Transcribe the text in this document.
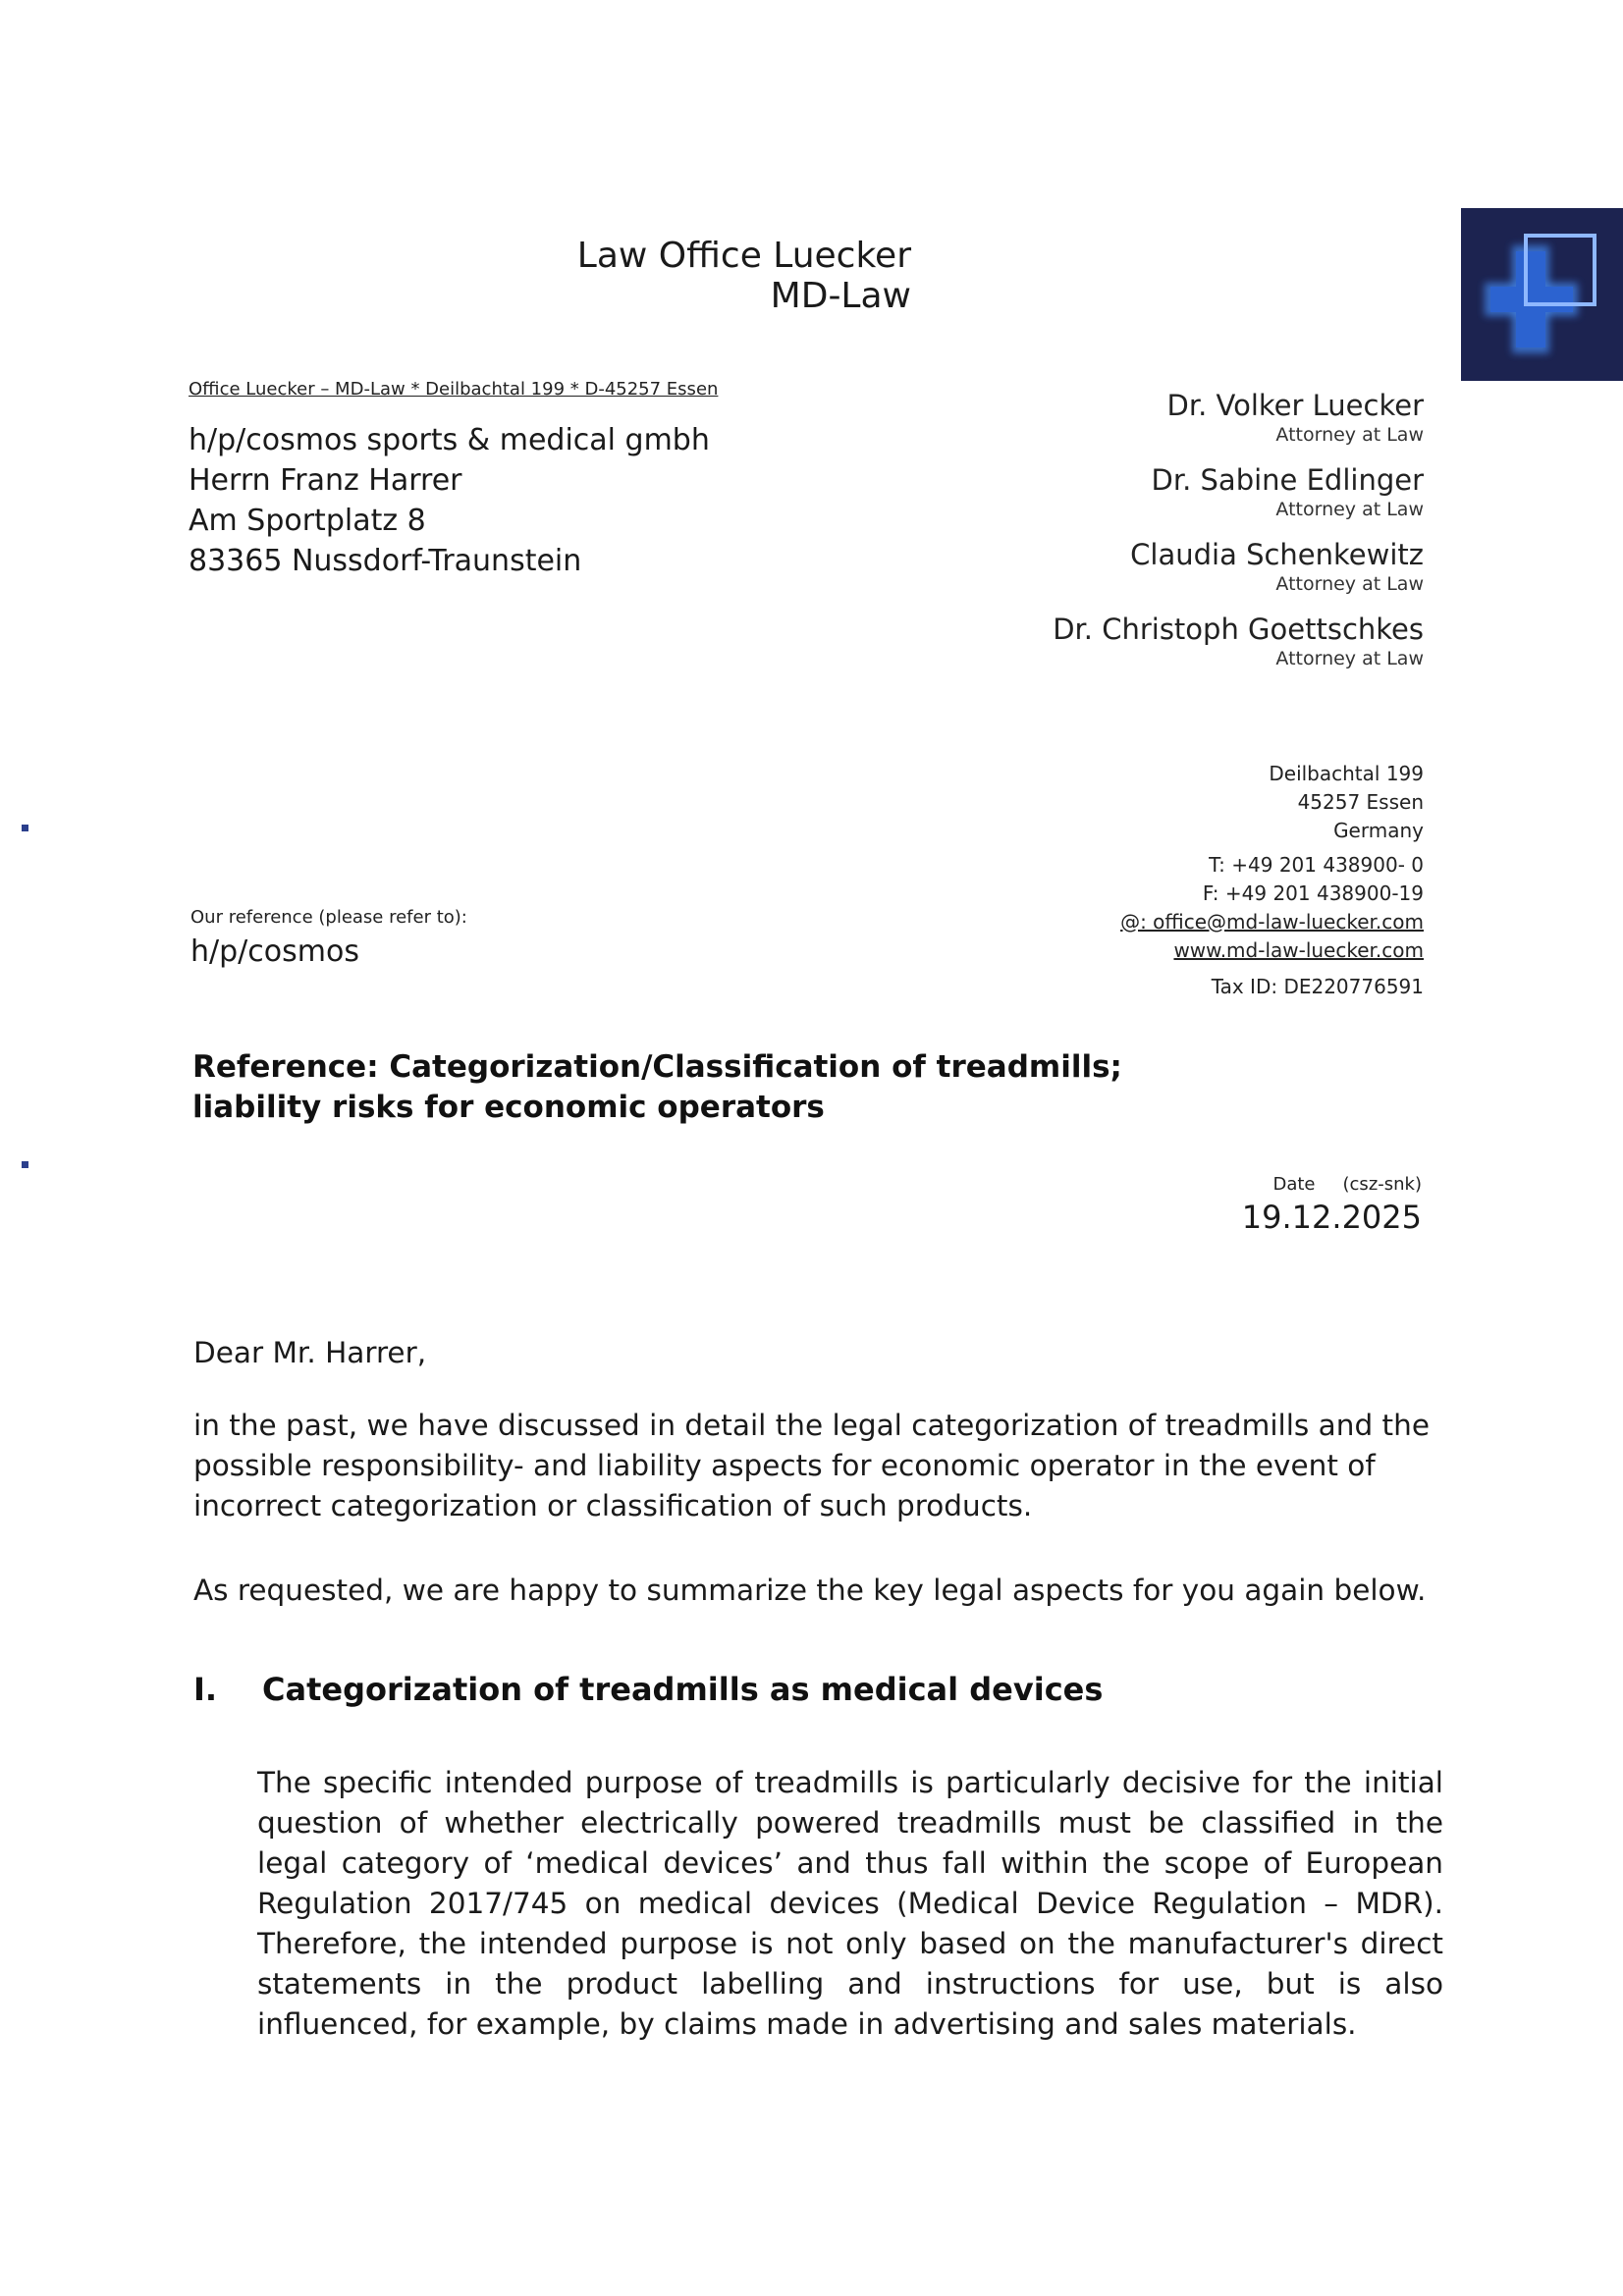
Law Office Luecker
MD-Law
Office Luecker – MD-Law * Deilbachtal 199 * D-45257 Essen
h/p/cosmos sports & medical gmbh
Herrn Franz Harrer
Am Sportplatz 8
83365 Nussdorf-Traunstein
Dr. Volker Luecker
Attorney at Law
Dr. Sabine Edlinger
Attorney at Law
Claudia Schenkewitz
Attorney at Law
Dr. Christoph Goettschkes
Attorney at Law
Deilbachtal 199
45257 Essen
Germany
T: +49 201 438900- 0
F: +49 201 438900-19
@: office@md-law-luecker.com
www.md-law-luecker.com
Tax ID: DE220776591
Our reference (please refer to):
h/p/cosmos
Reference: Categorization/Classification of treadmills;
liability risks for economic operators
Date (csz-snk)
19.12.2025
Dear Mr. Harrer,
in the past, we have discussed in detail the legal categorization of treadmills and the possible responsibility- and liability aspects for economic operator in the event of incorrect categorization or classification of such products.
As requested, we are happy to summarize the key legal aspects for you again below.
I.	Categorization of treadmills as medical devices
The specific intended purpose of treadmills is particularly decisive for the initial question of whether electrically powered treadmills must be classified in the legal category of ‘medical devices’ and thus fall within the scope of European Regulation 2017/745 on medical devices (Medical Device Regulation – MDR). Therefore, the intended purpose is not only based on the manufacturer's direct statements in the product labelling and instructions for use, but is also influenced, for example, by claims made in advertising and sales materials.
